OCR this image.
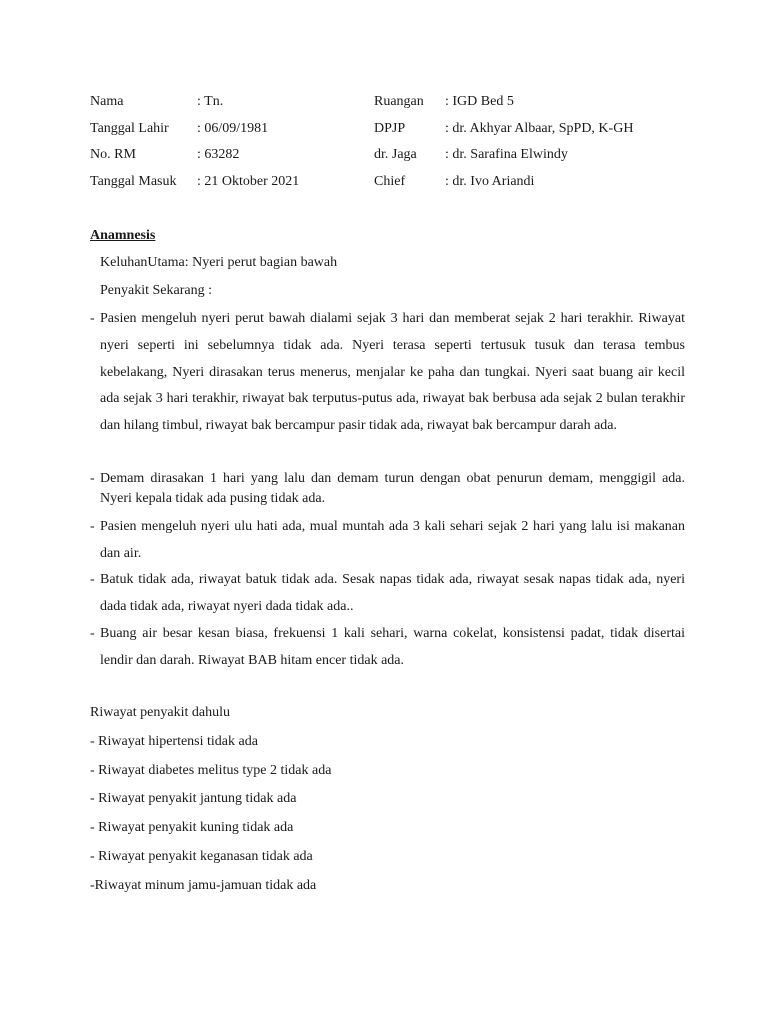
Nama	: Tn.	Ruangan : IGD Bed 5
Tanggal Lahir : 06/09/1981	DPJP	: dr. Akhyar Albaar, SpPD, K-GH
No. RM	: 63282	dr. Jaga : dr. Sarafina Elwindy
Tanggal Masuk : 21 Oktober 2021	Chief	: dr. Ivo Ariandi
Anamnesis
KeluhanUtama: Nyeri perut bagian bawah
Penyakit Sekarang :
- Pasien mengeluh nyeri perut bawah dialami sejak 3 hari dan memberat sejak 2 hari terakhir. Riwayat nyeri seperti ini sebelumnya tidak ada. Nyeri terasa seperti tertusuk tusuk dan terasa tembus kebelakang, Nyeri dirasakan terus menerus, menjalar ke paha dan tungkai. Nyeri saat buang air kecil ada sejak 3 hari terakhir, riwayat bak terputus-putus ada, riwayat bak berbusa ada sejak 2 bulan terakhir dan hilang timbul, riwayat bak bercampur pasir tidak ada, riwayat bak bercampur darah ada.
- Demam dirasakan 1 hari yang lalu dan demam turun dengan obat penurun demam, menggigil ada. Nyeri kepala tidak ada pusing tidak ada.
- Pasien mengeluh nyeri ulu hati ada, mual muntah ada 3 kali sehari sejak 2 hari yang lalu isi makanan dan air.
- Batuk tidak ada, riwayat batuk tidak ada. Sesak napas tidak ada, riwayat sesak napas tidak ada, nyeri dada tidak ada, riwayat nyeri dada tidak ada..
- Buang air besar kesan biasa, frekuensi 1 kali sehari, warna cokelat, konsistensi padat, tidak disertai lendir dan darah. Riwayat BAB hitam encer tidak ada.
Riwayat penyakit dahulu
- Riwayat hipertensi tidak ada
- Riwayat diabetes melitus type 2 tidak ada
- Riwayat penyakit jantung tidak ada
- Riwayat penyakit kuning tidak ada
- Riwayat penyakit keganasan tidak ada
-Riwayat minum jamu-jamuan tidak ada
